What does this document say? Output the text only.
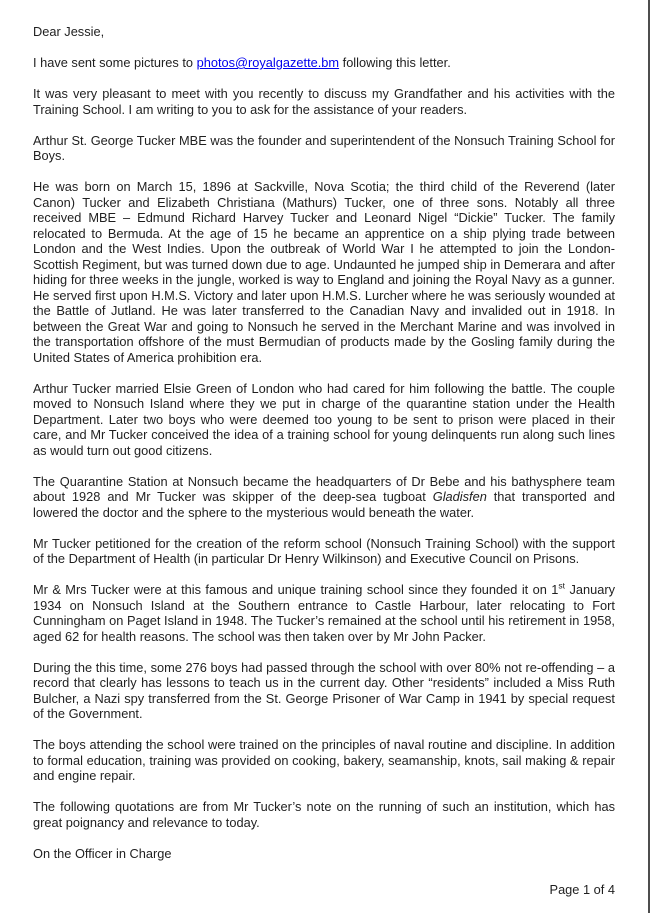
Dear Jessie,

I have sent some pictures to photos@royalgazette.bm following this letter.

It was very pleasant to meet with you recently to discuss my Grandfather and his activities with the Training School. I am writing to you to ask for the assistance of your readers.

Arthur St. George Tucker MBE was the founder and superintendent of the Nonsuch Training School for Boys.

He was born on March 15, 1896 at Sackville, Nova Scotia; the third child of the Reverend (later Canon) Tucker and Elizabeth Christiana (Mathurs) Tucker, one of three sons. Notably all three received MBE – Edmund Richard Harvey Tucker and Leonard Nigel “Dickie” Tucker. The family relocated to Bermuda. At the age of 15 he became an apprentice on a ship plying trade between London and the West Indies. Upon the outbreak of World War I he attempted to join the London-Scottish Regiment, but was turned down due to age. Undaunted he jumped ship in Demerara and after hiding for three weeks in the jungle, worked is way to England and joining the Royal Navy as a gunner. He served first upon H.M.S. Victory and later upon H.M.S. Lurcher where he was seriously wounded at the Battle of Jutland. He was later transferred to the Canadian Navy and invalided out in 1918. In between the Great War and going to Nonsuch he served in the Merchant Marine and was involved in the transportation offshore of the must Bermudian of products made by the Gosling family during the United States of America prohibition era.

Arthur Tucker married Elsie Green of London who had cared for him following the battle. The couple moved to Nonsuch Island where they we put in charge of the quarantine station under the Health Department. Later two boys who were deemed too young to be sent to prison were placed in their care, and Mr Tucker conceived the idea of a training school for young delinquents run along such lines as would turn out good citizens.

The Quarantine Station at Nonsuch became the headquarters of Dr Bebe and his bathysphere team about 1928 and Mr Tucker was skipper of the deep-sea tugboat Gladisfen that transported and lowered the doctor and the sphere to the mysterious would beneath the water.

Mr Tucker petitioned for the creation of the reform school (Nonsuch Training School) with the support of the Department of Health (in particular Dr Henry Wilkinson) and Executive Council on Prisons.

Mr & Mrs Tucker were at this famous and unique training school since they founded it on 1st January 1934 on Nonsuch Island at the Southern entrance to Castle Harbour, later relocating to Fort Cunningham on Paget Island in 1948. The Tucker’s remained at the school until his retirement in 1958, aged 62 for health reasons. The school was then taken over by Mr John Packer.

During the this time, some 276 boys had passed through the school with over 80% not re-offending – a record that clearly has lessons to teach us in the current day. Other “residents” included a Miss Ruth Bulcher, a Nazi spy transferred from the St. George Prisoner of War Camp in 1941 by special request of the Government.

The boys attending the school were trained on the principles of naval routine and discipline. In addition to formal education, training was provided on cooking, bakery, seamanship, knots, sail making & repair and engine repair.

The following quotations are from Mr Tucker’s note on the running of such an institution, which has great poignancy and relevance to today.

On the Officer in Charge

Page 1 of 4
